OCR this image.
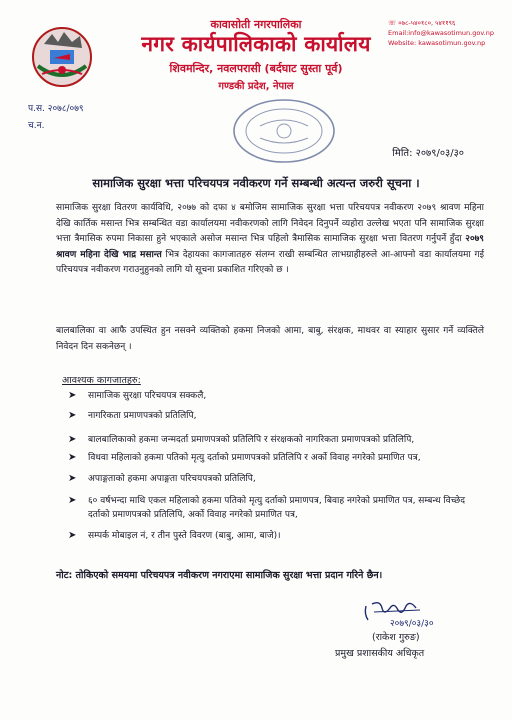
कावासोती नगरपालिका
नगर कार्यपालिकाको कार्यालय
शिवमन्दिर, नवलपरासी (बर्दघाट सुस्ता पूर्व)
गण्डकी प्रदेश, नेपाल
☏ ०७८-५४०१८०, ५४११९६
Email:info@kawasotimun.gov.np
Website: kawasotimun.gov.np
प.स. २०७८/०७९
च.न.
मिति: २०७९/०३/३०
सामाजिक सुरक्षा भत्ता परिचयपत्र नवीकरण गर्ने सम्बन्धी अत्यन्त जरुरी सूचना ।
सामाजिक सुरक्षा वितरण कार्यविधि, २०७७ को दफा ४ बमोजिम सामाजिक सुरक्षा भत्ता परिचयपत्र नवीकरण २०७९ श्रावण महिना देखि कार्तिक मसान्त भित्र सम्बन्धित वडा कार्यालयमा नवीकरणको लागि निवेदन दिनुपर्ने व्यहोरा उल्लेख भएता पनि सामाजिक सुरक्षा भत्ता त्रैमासिक रुपमा निकासा हुने भएकाले असोज मसान्त भित्र पहिलो त्रैमासिक सामाजिक सुरक्षा भत्ता वितरण गर्नुपर्ने हुँदा २०७९ श्रावण महिना देखि भाद्र मसान्त भित्र देहायका कागजातहरु संलग्न राखी सम्बन्धित लाभग्राहीहरुले आ-आफ्नो वडा कार्यालयमा गई परिचयपत्र नवीकरण गराउनुहुनको लागि यो सूचना प्रकाशित गरिएको छ ।
बालबालिका वा आफै उपस्थित हुन नसक्ने व्यक्तिको हकमा निजको आमा, बाबु, संरक्षक, माथवर वा स्याहार सुसार गर्ने व्यक्तिले निवेदन दिन सकनेछन् ।
आवश्यक कागजातहरु:
➤ सामाजिक सुरक्षा परिचयपत्र सक्कलै,
➤ नागरिकता प्रमाणपत्रको प्रतिलिपि,
➤ बालबालिकाको हकमा जन्मदर्ता प्रमाणपत्रको प्रतिलिपि र संरक्षकको नागरिकता प्रमाणपत्रको प्रतिलिपि,
➤ विधवा महिलाको हकमा पतिको मृत्यु दर्ताको प्रमाणपत्रको प्रतिलिपि र अर्को विवाह नगरेको प्रमाणित पत्र,
➤ अपाङ्गताको हकमा अपाङ्गता परिचयपत्रको प्रतिलिपि,
➤ ६० वर्षभन्दा माथि एकल महिलाको हकमा पतिको मृत्यु दर्ताको प्रमाणपत्र, बिवाह नगरेको प्रमाणित पत्र, सम्बन्ध विच्छेद दर्ताको प्रमाणपत्रको प्रतिलिपि, अर्को विवाह नगरेको प्रमाणित पत्र,
➤ सम्पर्क मोबाइल नं, र तीन पुस्ते विवरण (बाबु, आमा, बाजे)।
नोट: तोकिएको समयमा परिचयपत्र नवीकरण नगराएमा सामाजिक सुरक्षा भत्ता प्रदान गरिने छैन।
२०७९/०३/३०
(राकेश गुरुङ)
प्रमुख प्रशासकीय अधिकृत
